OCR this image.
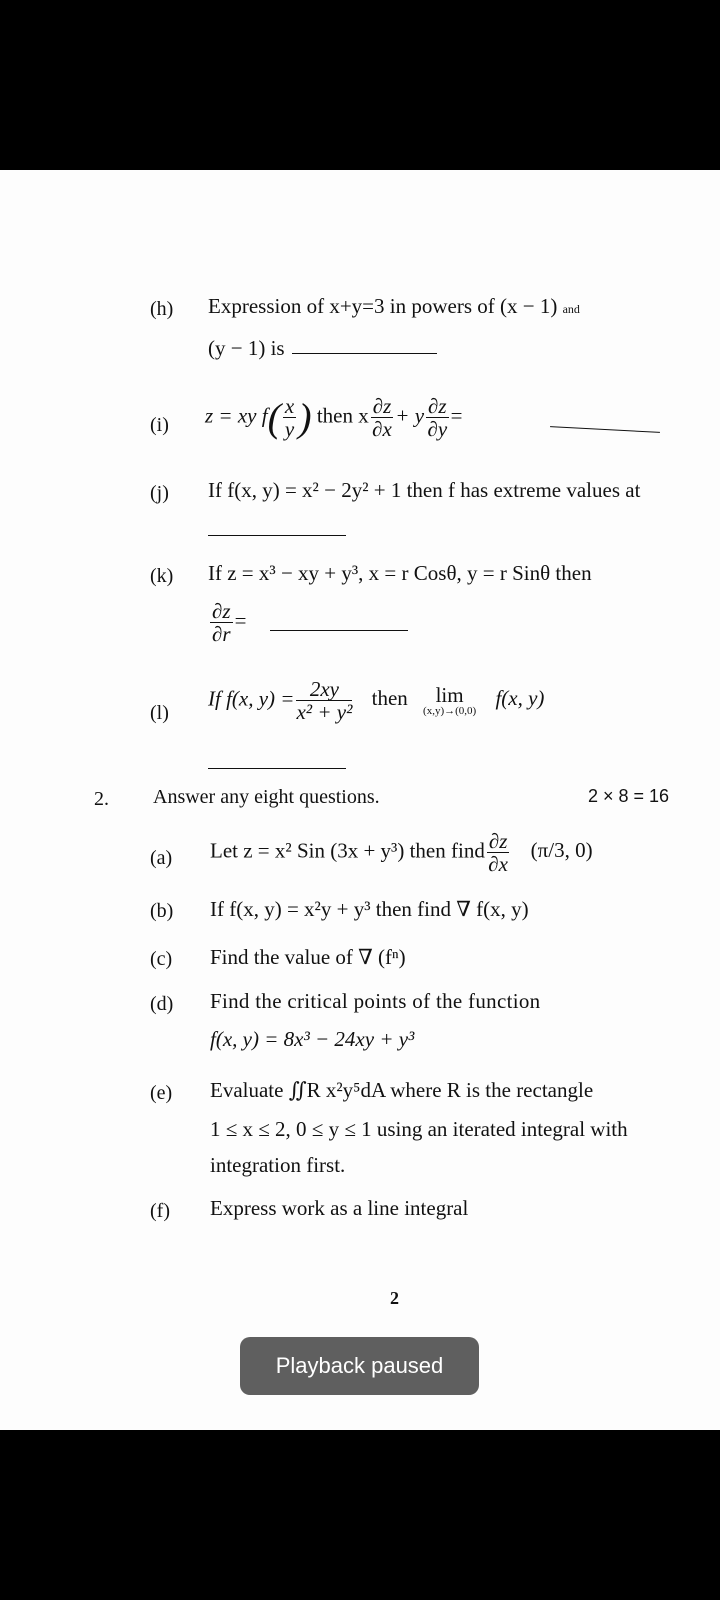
(h) Expression of x+y=3 in powers of (x − 1) and
(y − 1) is
(i) z = xy $f( \frac{x}{y}$ ) then x $\frac{\partial z}{\partial x} + y \frac{\partial z}{\partial y}$ =
(j) If f(x, y) = x² − 2y² + 1 then f has extreme values at
(k) If z = x³ − xy + y³, x = r Cosθ, y = r Sinθ then
$\frac{\partial z}{\partial r}$ =
(l)
If f(x, $y) = \frac{2xy}{\text{x² + y²}}$ then	lim
(x,y)→(0,0)
f(x, y)
2. Answer any eight questions.	2 × 8 = 16
(a) Let z = x² Sin (3x + y³) then find $\frac{\partial z}{\partial x} (\pi/3$, 0)
(b) If f(x, y) = x²y + y³ then find ∇ f(x, y)
(c) Find the value of ∇ (fⁿ)
(d) Find the critical points of the function
f(x, y) = 8x³ − 24xy + y³
(e) Evaluate ∬R x²y⁵dA where R is the rectangle
1 ≤ x ≤ 2, 0 ≤ y ≤ 1 using an iterated integral with
integration first.
(f) Express work as a line integral
2
Playback paused
